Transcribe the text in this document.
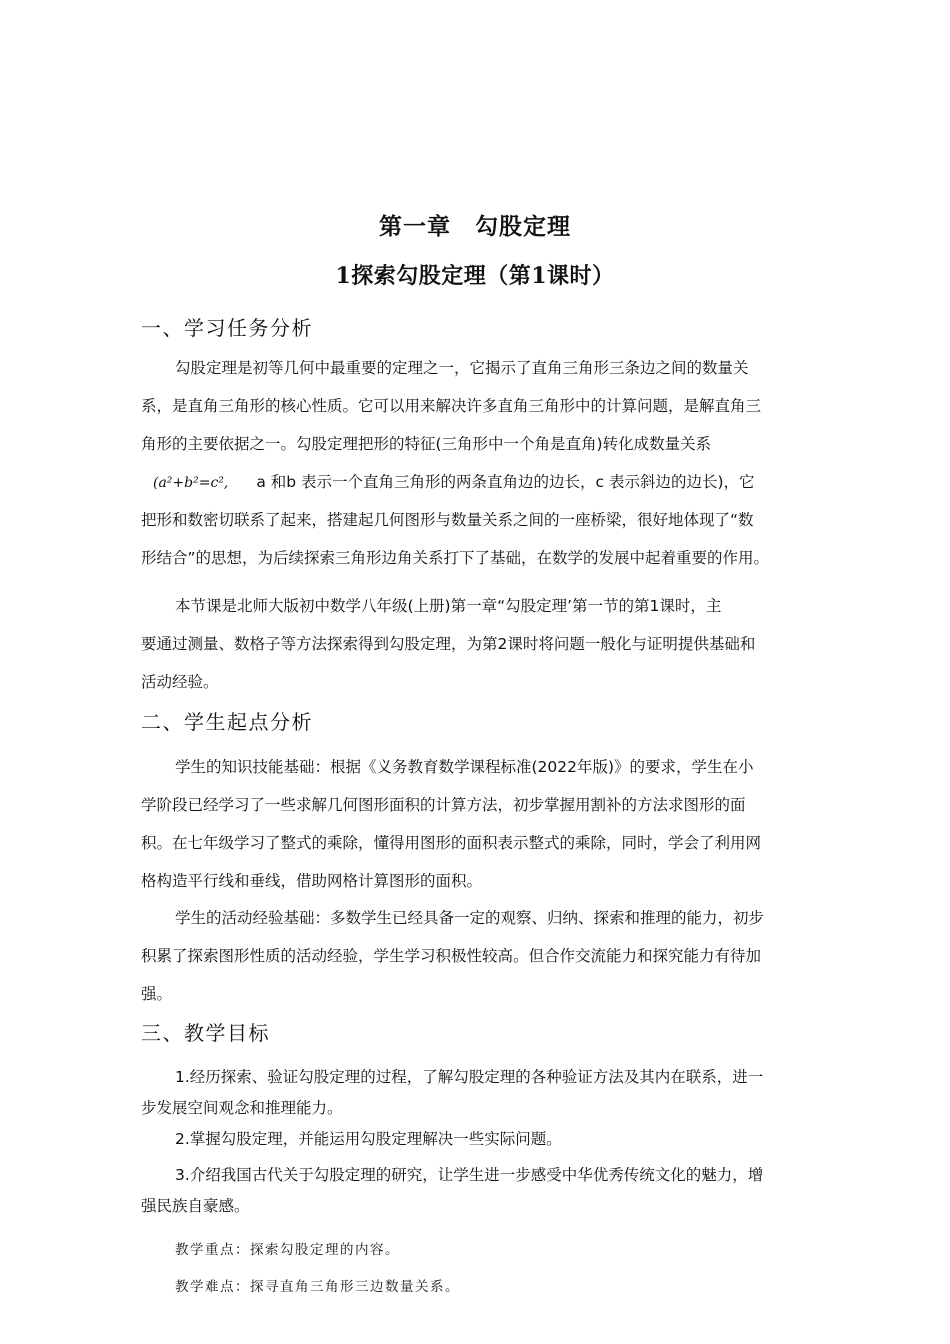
第一章　勾股定理
1探索勾股定理（第1课时）
一、学习任务分析
勾股定理是初等几何中最重要的定理之一，它揭示了直角三角形三条边之间的数量关
系，是直角三角形的核心性质。它可以用来解决许多直角三角形中的计算问题，是解直角三
角形的主要依据之一。勾股定理把形的特征(三角形中一个角是直角)转化成数量关系
(a²+b²=c², a 和b 表示一个直角三角形的两条直角边的边长，c 表示斜边的边长)，它
把形和数密切联系了起来，搭建起几何图形与数量关系之间的一座桥梁，很好地体现了“数
形结合”的思想，为后续探索三角形边角关系打下了基础，在数学的发展中起着重要的作用。
本节课是北师大版初中数学八年级(上册)第一章“勾股定理’第一节的第1课时，主
要通过测量、数格子等方法探索得到勾股定理，为第2课时将问题一般化与证明提供基础和
活动经验。
二、学生起点分析
学生的知识技能基础：根据《义务教育数学课程标准(2022年版)》的要求，学生在小
学阶段已经学习了一些求解几何图形面积的计算方法，初步掌握用割补的方法求图形的面
积。在七年级学习了整式的乘除，懂得用图形的面积表示整式的乘除，同时，学会了利用网
格构造平行线和垂线，借助网格计算图形的面积。
学生的活动经验基础：多数学生已经具备一定的观察、归纳、探索和推理的能力，初步
积累了探索图形性质的活动经验，学生学习积极性较高。但合作交流能力和探究能力有待加
强。
三、教学目标
1.经历探索、验证勾股定理的过程，了解勾股定理的各种验证方法及其内在联系，进一
步发展空间观念和推理能力。
2.掌握勾股定理，并能运用勾股定理解决一些实际问题。
3.介绍我国古代关于勾股定理的研究，让学生进一步感受中华优秀传统文化的魅力，增
强民族自豪感。
教学重点：探索勾股定理的内容。
教学难点：探寻直角三角形三边数量关系。
